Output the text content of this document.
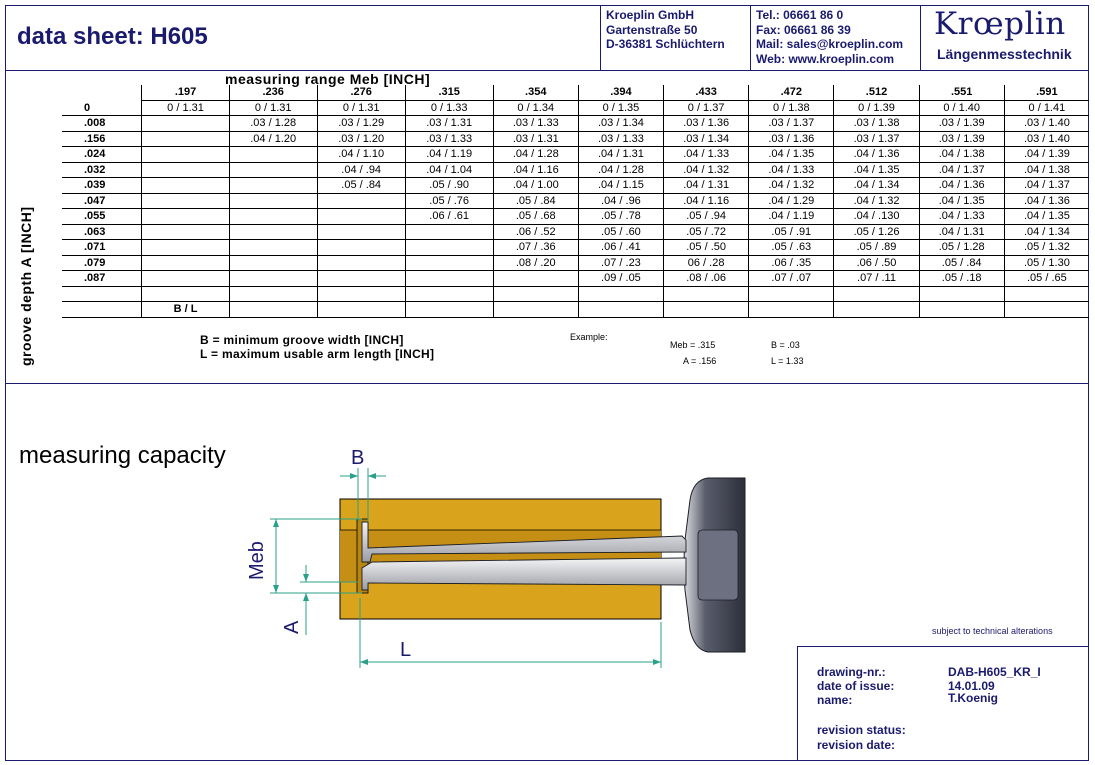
data sheet: H605
Kroeplin GmbH
Gartenstraße 50
D-36381 Schlüchtern
Tel.: 06661 86 0
Fax: 06661 86 39
Mail: sales@kroeplin.com
Web: www.kroeplin.com
Krœplin
Längenmesstechnik
measuring range Meb [INCH]
groove depth A [INCH]
	.197	.236	.276	.315	.354	.394	.433	.472	.512	.551	.591
0	0 / 1.31	0 / 1.31	0 / 1.31	0 / 1.33	0 / 1.34	0 / 1.35	0 / 1.37	0 / 1.38	0 / 1.39	0 / 1.40	0 / 1.41
.008		.03 / 1.28	.03 / 1.29	.03 / 1.31	.03 / 1.33	.03 / 1.34	.03 / 1.36	.03 / 1.37	.03 / 1.38	.03 / 1.39	.03 / 1.40
.156		.04 / 1.20	.03 / 1.20	.03 / 1.33	.03 / 1.31	.03 / 1.33	.03 / 1.34	.03 / 1.36	.03 / 1.37	.03 / 1.39	.03 / 1.40
.024			.04 / 1.10	.04 / 1.19	.04 / 1.28	.04 / 1.31	.04 / 1.33	.04 / 1.35	.04 / 1.36	.04 / 1.38	.04 / 1.39
.032			.04 / .94	.04 / 1.04	.04 / 1.16	.04 / 1.28	.04 / 1.32	.04 / 1.33	.04 / 1.35	.04 / 1.37	.04 / 1.38
.039			.05 / .84	.05 / .90	.04 / 1.00	.04 / 1.15	.04 / 1.31	.04 / 1.32	.04 / 1.34	.04 / 1.36	.04 / 1.37
.047				.05 / .76	.05 / .84	.04 / .96	.04 / 1.16	.04 / 1.29	.04 / 1.32	.04 / 1.35	.04 / 1.36
.055				.06 / .61	.05 / .68	.05 / .78	.05 / .94	.04 / 1.19	.04 / .130	.04 / 1.33	.04 / 1.35
.063					.06 / .52	.05 / .60	.05 / .72	.05 / .91	.05 / 1.26	.04 / 1.31	.04 / 1.34
.071					.07 / .36	.06 / .41	.05 / .50	.05 / .63	.05 / .89	.05 / 1.28	.05 / 1.32
.079					.08 / .20	.07 / .23	06 / .28	.06 / .35	.06 / .50	.05 / .84	.05 / 1.30
.087						.09 / .05	.08 / .06	.07 / .07	.07 / .11	.05 / .18	.05 / .65

	B / L										
B = minimum groove width [INCH]
L = maximum usable arm length [INCH]
Example:
Meb = .315
A = .156
B = .03
L = 1.33
measuring capacity	B
Meb
A
L
subject to technical alterations
drawing-nr.:	DAB-H605_KR_I
date of issue:	14.01.09
name:	T.Koenig
revision status:
revision date:
